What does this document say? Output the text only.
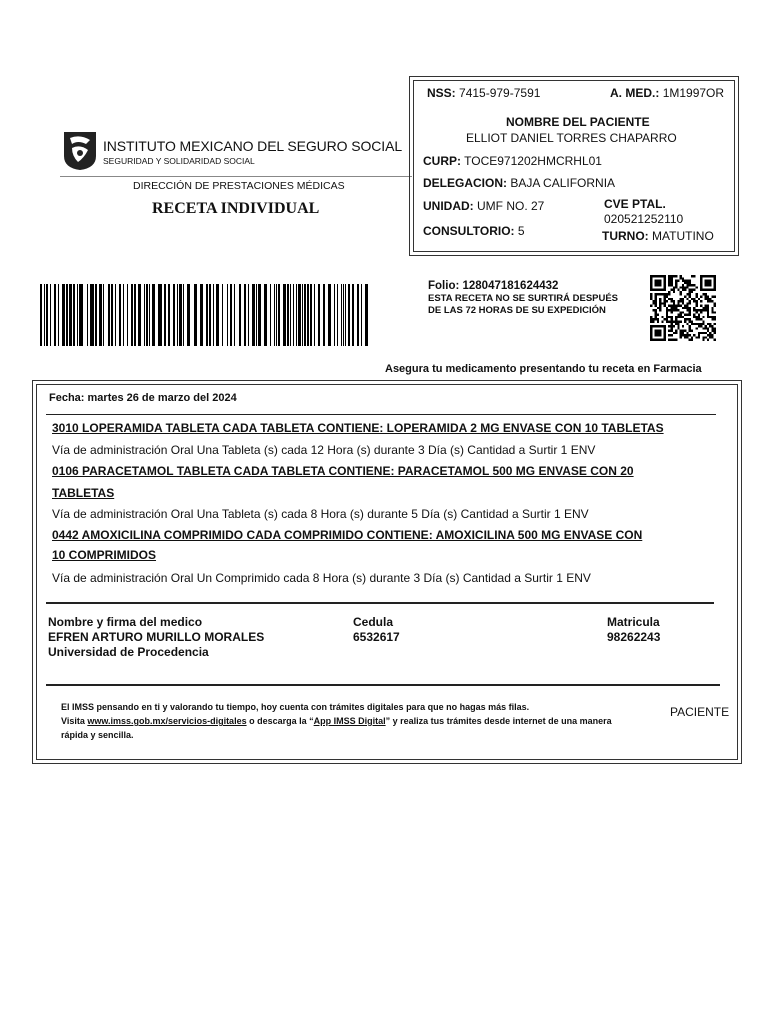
INSTITUTO MEXICANO DEL SEGURO SOCIAL
SEGURIDAD Y SOLIDARIDAD SOCIAL
DIRECCIÓN DE PRESTACIONES MÉDICAS
RECETA INDIVIDUAL
NSS: 7415-979-7591	A. MED.: 1M1997OR
NOMBRE DEL PACIENTE
ELLIOT DANIEL TORRES CHAPARRO
CURP: TOCE971202HMCRHL01
DELEGACION: BAJA CALIFORNIA
UNIDAD: UMF NO. 27	CVE PTAL.
020521252110
CONSULTORIO: 5	TURNO: MATUTINO
Folio: 128047181624432
ESTA RECETA NO SE SURTIRÁ DESPUÉS
DE LAS 72 HORAS DE SU EXPEDICIÓN
Asegura tu medicamento presentando tu receta en Farmacia
Fecha: martes 26 de marzo del 2024
3010 LOPERAMIDA TABLETA CADA TABLETA CONTIENE: LOPERAMIDA 2 MG ENVASE CON 10 TABLETAS
Vía de administración Oral Una Tableta (s) cada 12 Hora (s) durante 3 Día (s) Cantidad a Surtir 1 ENV
0106 PARACETAMOL TABLETA CADA TABLETA CONTIENE: PARACETAMOL 500 MG ENVASE CON 20
TABLETAS
Vía de administración Oral Una Tableta (s) cada 8 Hora (s) durante 5 Día (s) Cantidad a Surtir 1 ENV
0442 AMOXICILINA COMPRIMIDO CADA COMPRIMIDO CONTIENE: AMOXICILINA 500 MG ENVASE CON
10 COMPRIMIDOS
Vía de administración Oral Un Comprimido cada 8 Hora (s) durante 3 Día (s) Cantidad a Surtir 1 ENV
Nombre y firma del medico
EFREN ARTURO MURILLO MORALES
Universidad de Procedencia
Cedula
6532617
Matricula
98262243
El IMSS pensando en ti y valorando tu tiempo, hoy cuenta con trámites digitales para que no hagas más filas.
Visita www.imss.gob.mx/servicios-digitales o descarga la “App IMSS Digital” y realiza tus trámites desde internet de una manera
rápida y sencilla.
PACIENTE
